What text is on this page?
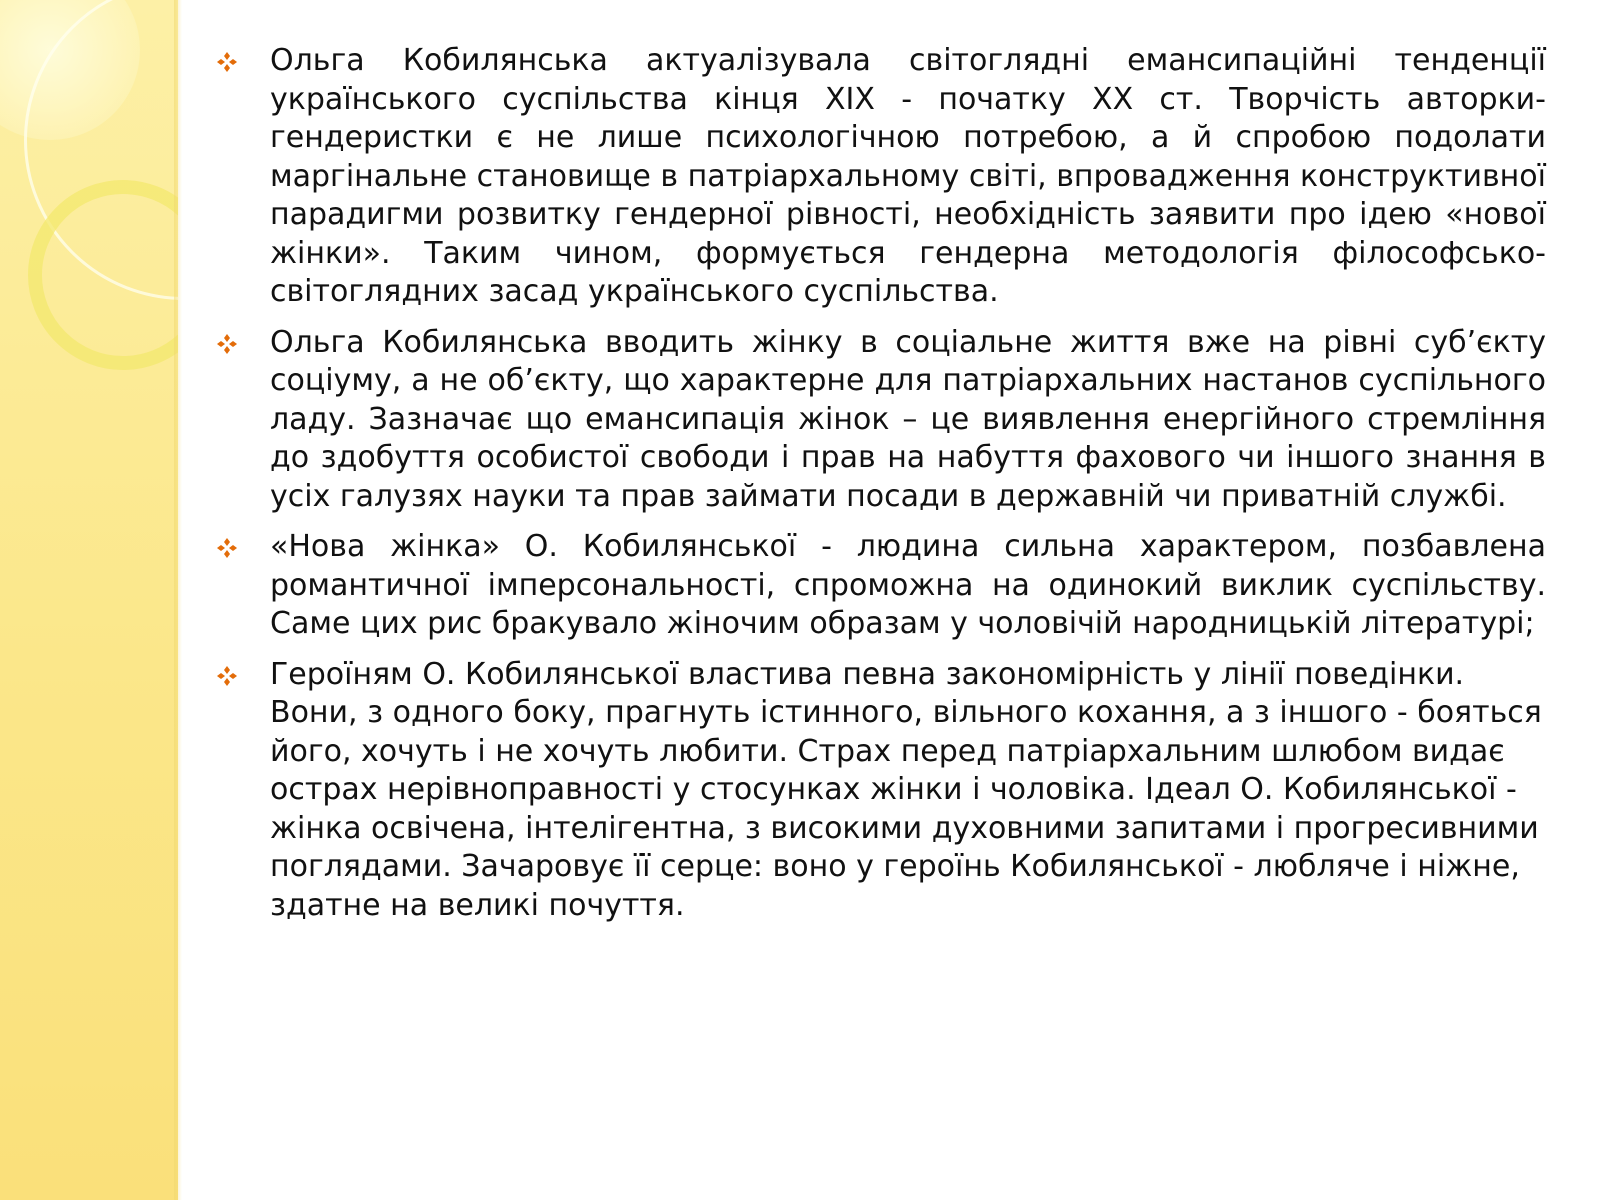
Ольга Кобилянська актуалізувала світоглядні емансипаційні тенденції українського суспільства кінця XIX - початку XX ст. Творчість авторки-гендеристки є не лише психологічною потребою, а й спробою подолати маргінальне становище в патріархальному світі, впровадження конструктивної парадигми розвитку гендерної рівності, необхідність заявити про ідею «нової жінки». Таким чином, формується гендерна методологія філософсько-світоглядних засад українського суспільства.
Ольга Кобилянська вводить жінку в соціальне життя вже на рівні суб’єкту соціуму, а не об’єкту, що характерне для патріархальних настанов суспільного ладу. Зазначає що емансипація жінок – це виявлення енергійного стремління до здобуття особистої свободи і прав на набуття фахового чи іншого знання в усіх галузях науки та прав займати посади в державній чи приватній службі.
«Нова жінка» О. Кобилянської - людина сильна характером, позбавлена романтичної імперсональності, спроможна на одинокий виклик суспільству. Саме цих рис бракувало жіночим образам у чоловічій народницькій літературі;
Героїням О. Кобилянської властива певна закономірність у лінії поведінки. Вони, з одного боку, прагнуть істинного, вільного кохання, а з іншого - бояться його, хочуть і не хочуть любити. Страх перед патріархальним шлюбом видає острах нерівноправності у стосунках жінки і чоловіка. Ідеал О. Кобилянської - жінка освічена, інтелігентна, з високими духовними запитами і прогресивними поглядами. Зачаровує її серце: воно у героїнь Кобилянської - любляче і ніжне, здатне на великі почуття.
